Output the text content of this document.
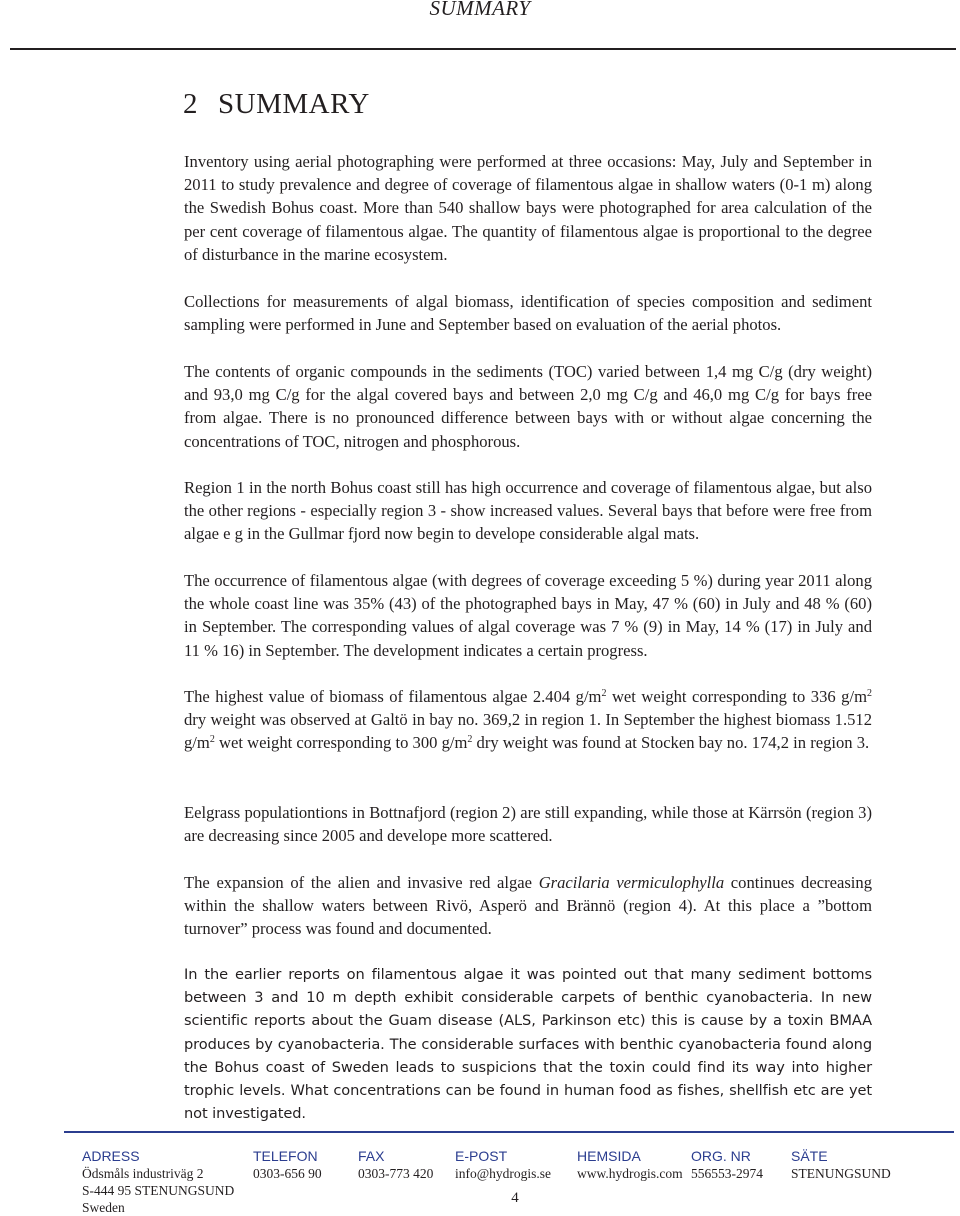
SUMMARY
2 SUMMARY

Inventory using aerial photographing were performed at three occasions: May, July and September in 2011 to study prevalence and degree of coverage of filamentous algae in shallow waters (0-1 m) along the Swedish Bohus coast. More than 540 shallow bays were photographed for area calculation of the per cent coverage of filamentous algae. The quantity of filamentous algae is proportional to the degree of disturbance in the marine ecosystem.

Collections for measurements of algal biomass, identification of species composition and sediment sampling were performed in June and September based on evaluation of the aerial photos.

The contents of organic compounds in the sediments (TOC) varied between 1,4 mg C/g (dry weight) and 93,0 mg C/g for the algal covered bays and between 2,0 mg C/g and 46,0 mg C/g for bays free from algae. There is no pronounced difference between bays with or without algae concerning the concentrations of TOC, nitrogen and phosphorous.

Region 1 in the north Bohus coast still has high occurrence and coverage of filamentous algae, but also the other regions - especially region 3 - show increased values. Several bays that before were free from algae e g in the Gullmar fjord now begin to develope considerable algal mats.

The occurrence of filamentous algae (with degrees of coverage exceeding 5 %) during year 2011 along the whole coast line was 35% (43) of the photographed bays in May, 47 % (60) in July and 48 % (60) in September. The corresponding values of algal coverage was 7 % (9) in May, 14 % (17) in July and 11 % 16) in September. The development indicates a certain progress.

The highest value of biomass of filamentous algae 2.404 $g/m^2$ wet weight corresponding to 336 $g/m^2$ dry weight was observed at Galtö in bay no. 369,2 in region 1. In September the highest biomass 1.512 $g/m^2$ wet weight corresponding to 300 $g/m^2$ dry weight was found at Stocken bay no. 174,2 in region 3.

Eelgrass populationtions in Bottnafjord (region 2) are still expanding, while those at Kärrsön (region 3) are decreasing since 2005 and develope more scattered.

The expansion of the alien and invasive red algae Gracilaria vermiculophylla continues decreasing within the shallow waters between Rivö, Asperö and Brännö (region 4). At this place a ”bottom turnover” process was found and documented.

In the earlier reports on filamentous algae it was pointed out that many sediment bottoms between 3 and 10 m depth exhibit considerable carpets of benthic cyanobacteria. In new scientific reports about the Guam disease (ALS, Parkinson etc) this is cause by a toxin BMAA produces by cyanobacteria. The considerable surfaces with benthic cyanobacteria found along the Bohus coast of Sweden leads to suspicions that the toxin could find its way into higher trophic levels. What concentrations can be found in human food as fishes, shellfish etc are yet not investigated.

ADRESS
Ödsmåls industriväg 2
S-444 95 STENUNGSUND
Sweden
TELEFON
0303-656 90
FAX
0303-773 420
E-POST
info@hydrogis.se
HEMSIDA
www.hydrogis.com
ORG. NR
556553-2974
SÄTE
STENUNGSUND
4
